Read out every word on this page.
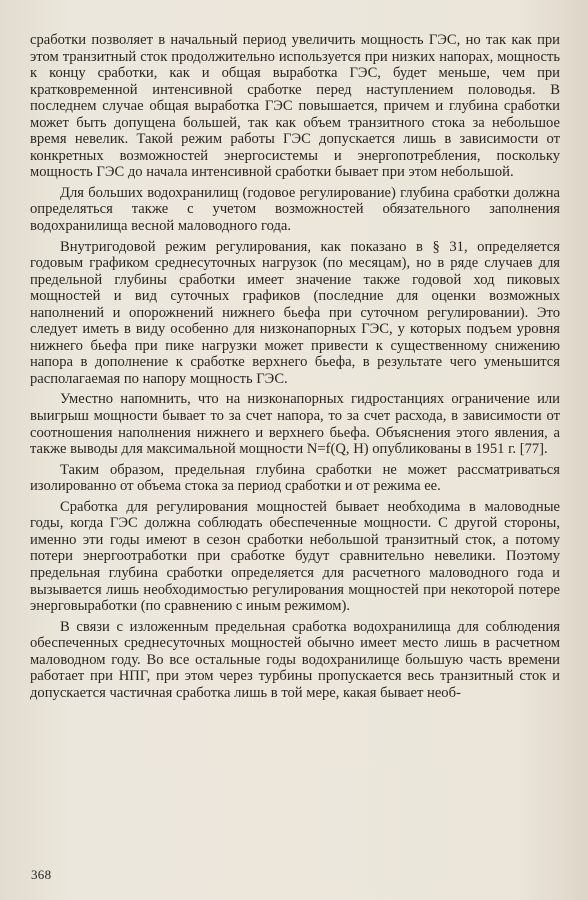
сработки позволяет в начальный период увеличить мощность ГЭС, но так как при этом транзитный сток продолжительно используется при низких напорах, мощность к концу сработки, как и общая выработка ГЭС, будет меньше, чем при кратковременной интенсивной сработке перед наступлением половодья. В последнем случае общая выработка ГЭС повышается, причем и глубина сработки может быть допущена большей, так как объем транзитного стока за небольшое время невелик. Такой режим работы ГЭС допускается лишь в зависимости от конкретных возможностей энергосистемы и энергопотребления, поскольку мощность ГЭС до начала интенсивной сработки бывает при этом небольшой.

Для больших водохранилищ (годовое регулирование) глубина сработки должна определяться также с учетом возможностей обязательного заполнения водохранилища весной маловодного года.

Внутригодовой режим регулирования, как показано в § 31, определяется годовым графиком среднесуточных нагрузок (по месяцам), но в ряде случаев для предельной глубины сработки имеет значение также годовой ход пиковых мощностей и вид суточных графиков (последние для оценки возможных наполнений и опорожнений нижнего бьефа при суточном регулировании). Это следует иметь в виду особенно для низконапорных ГЭС, у которых подъем уровня нижнего бьефа при пике нагрузки может привести к существенному снижению напора в дополнение к сработке верхнего бьефа, в результате чего уменьшится располагаемая по напору мощность ГЭС.

Уместно напомнить, что на низконапорных гидростанциях ограничение или выигрыш мощности бывает то за счет напора, то за счет расхода, в зависимости от соотношения наполнения нижнего и верхнего бьефа. Объяснения этого явления, а также выводы для максимальной мощности N=f(Q, H) опубликованы в 1951 г. [77].

Таким образом, предельная глубина сработки не может рассматриваться изолированно от объема стока за период сработки и от режима ее.

Сработка для регулирования мощностей бывает необходима в маловодные годы, когда ГЭС должна соблюдать обеспеченные мощности. С другой стороны, именно эти годы имеют в сезон сработки небольшой транзитный сток, а потому потери энергоотработки при сработке будут сравнительно невелики. Поэтому предельная глубина сработки определяется для расчетного маловодного года и вызывается лишь необходимостью регулирования мощностей при некоторой потере энерговыработки (по сравнению с иным режимом).

В связи с изложенным предельная сработка водохранилища для соблюдения обеспеченных среднесуточных мощностей обычно имеет место лишь в расчетном маловодном году. Во все остальные годы водохранилище большую часть времени работает при НПГ, при этом через турбины пропускается весь транзитный сток и допускается частичная сработка лишь в той мере, какая бывает необ-

368
